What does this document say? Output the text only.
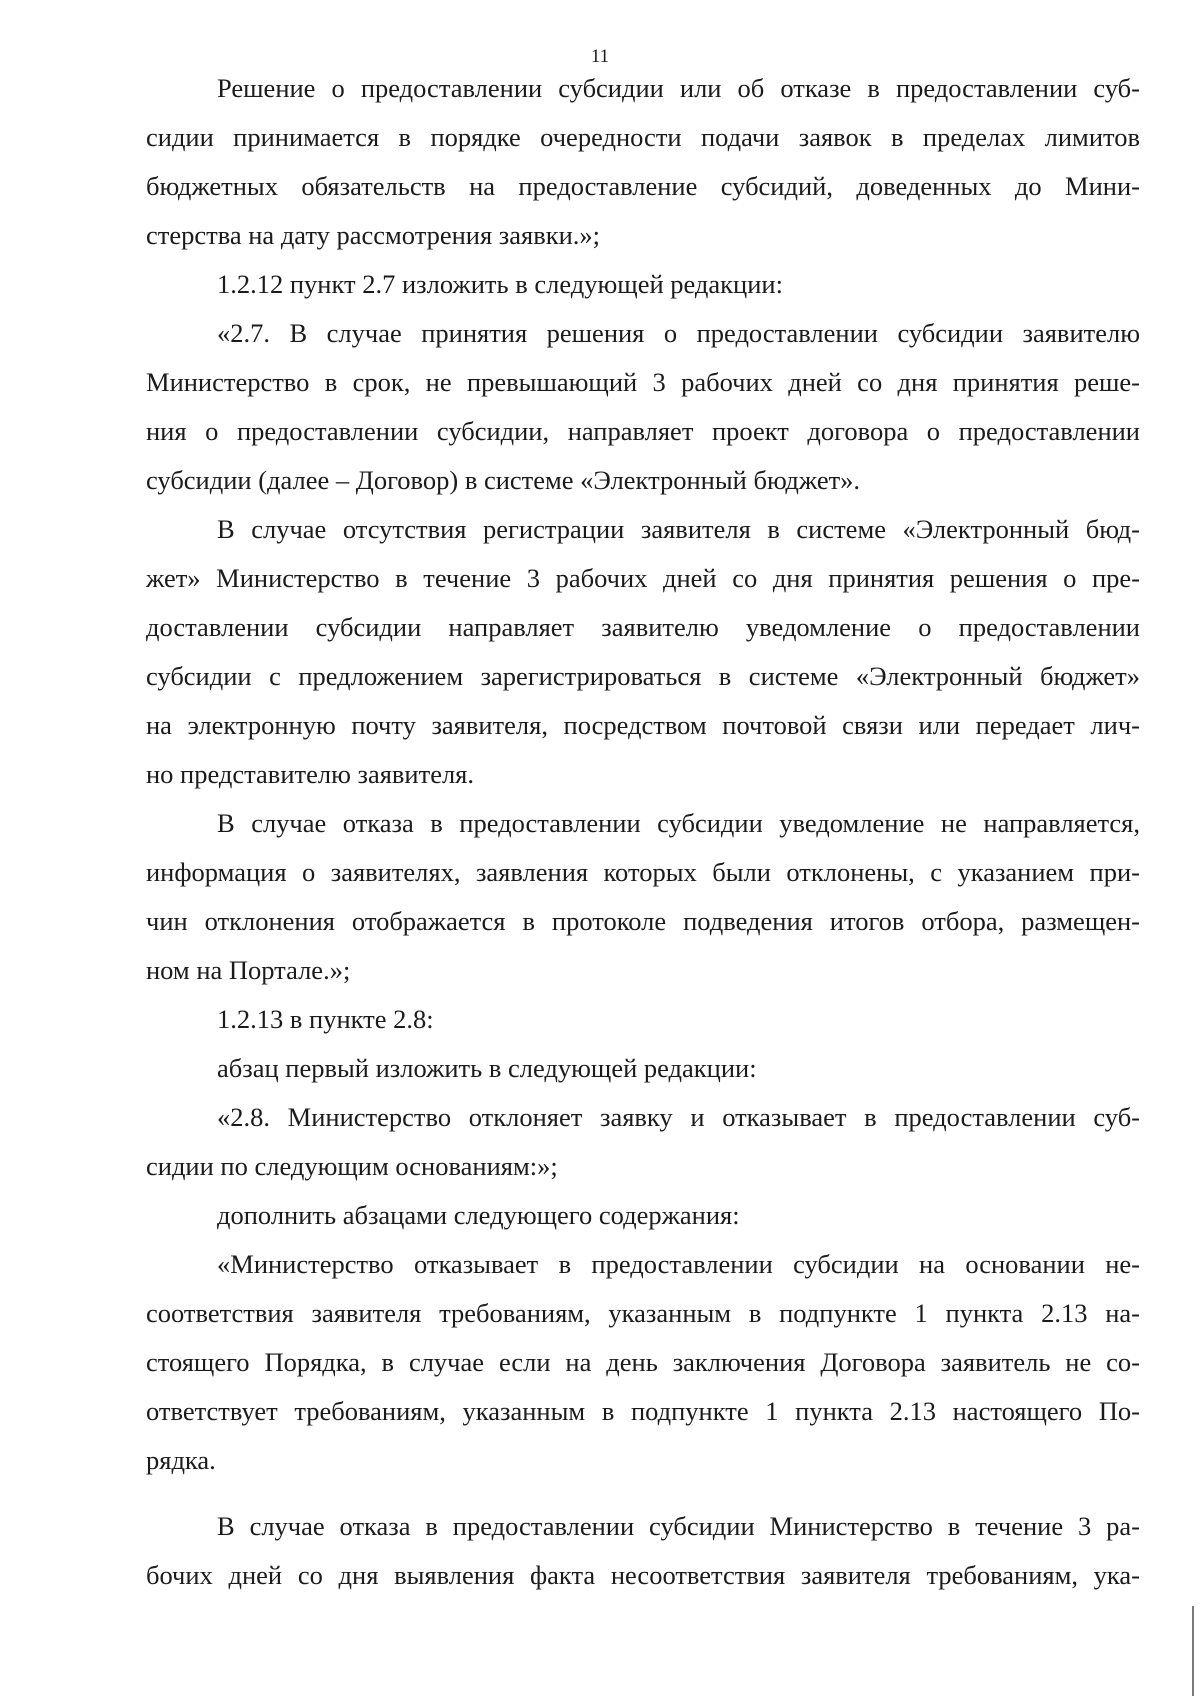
11
Решение о предоставлении субсидии или об отказе в предоставлении суб-
сидии принимается в порядке очередности подачи заявок в пределах лимитов
бюджетных обязательств на предоставление субсидий, доведенных до Мини-
стерства на дату рассмотрения заявки.»;
1.2.12 пункт 2.7 изложить в следующей редакции:
«2.7. В случае принятия решения о предоставлении субсидии заявителю
Министерство в срок, не превышающий 3 рабочих дней со дня принятия реше-
ния о предоставлении субсидии, направляет проект договора о предоставлении
субсидии (далее – Договор) в системе «Электронный бюджет».
В случае отсутствия регистрации заявителя в системе «Электронный бюд-
жет» Министерство в течение 3 рабочих дней со дня принятия решения о пре-
доставлении субсидии направляет заявителю уведомление о предоставлении
субсидии с предложением зарегистрироваться в системе «Электронный бюджет»
на электронную почту заявителя, посредством почтовой связи или передает лич-
но представителю заявителя.
В случае отказа в предоставлении субсидии уведомление не направляется,
информация о заявителях, заявления которых были отклонены, с указанием при-
чин отклонения отображается в протоколе подведения итогов отбора, размещен-
ном на Портале.»;
1.2.13 в пункте 2.8:
абзац первый изложить в следующей редакции:
«2.8. Министерство отклоняет заявку и отказывает в предоставлении суб-
сидии по следующим основаниям:»;
дополнить абзацами следующего содержания:
«Министерство отказывает в предоставлении субсидии на основании не-
соответствия заявителя требованиям, указанным в подпункте 1 пункта 2.13 на-
стоящего Порядка, в случае если на день заключения Договора заявитель не со-
ответствует требованиям, указанным в подпункте 1 пункта 2.13 настоящего По-
рядка.
В случае отказа в предоставлении субсидии Министерство в течение 3 ра-
бочих дней со дня выявления факта несоответствия заявителя требованиям, ука-
